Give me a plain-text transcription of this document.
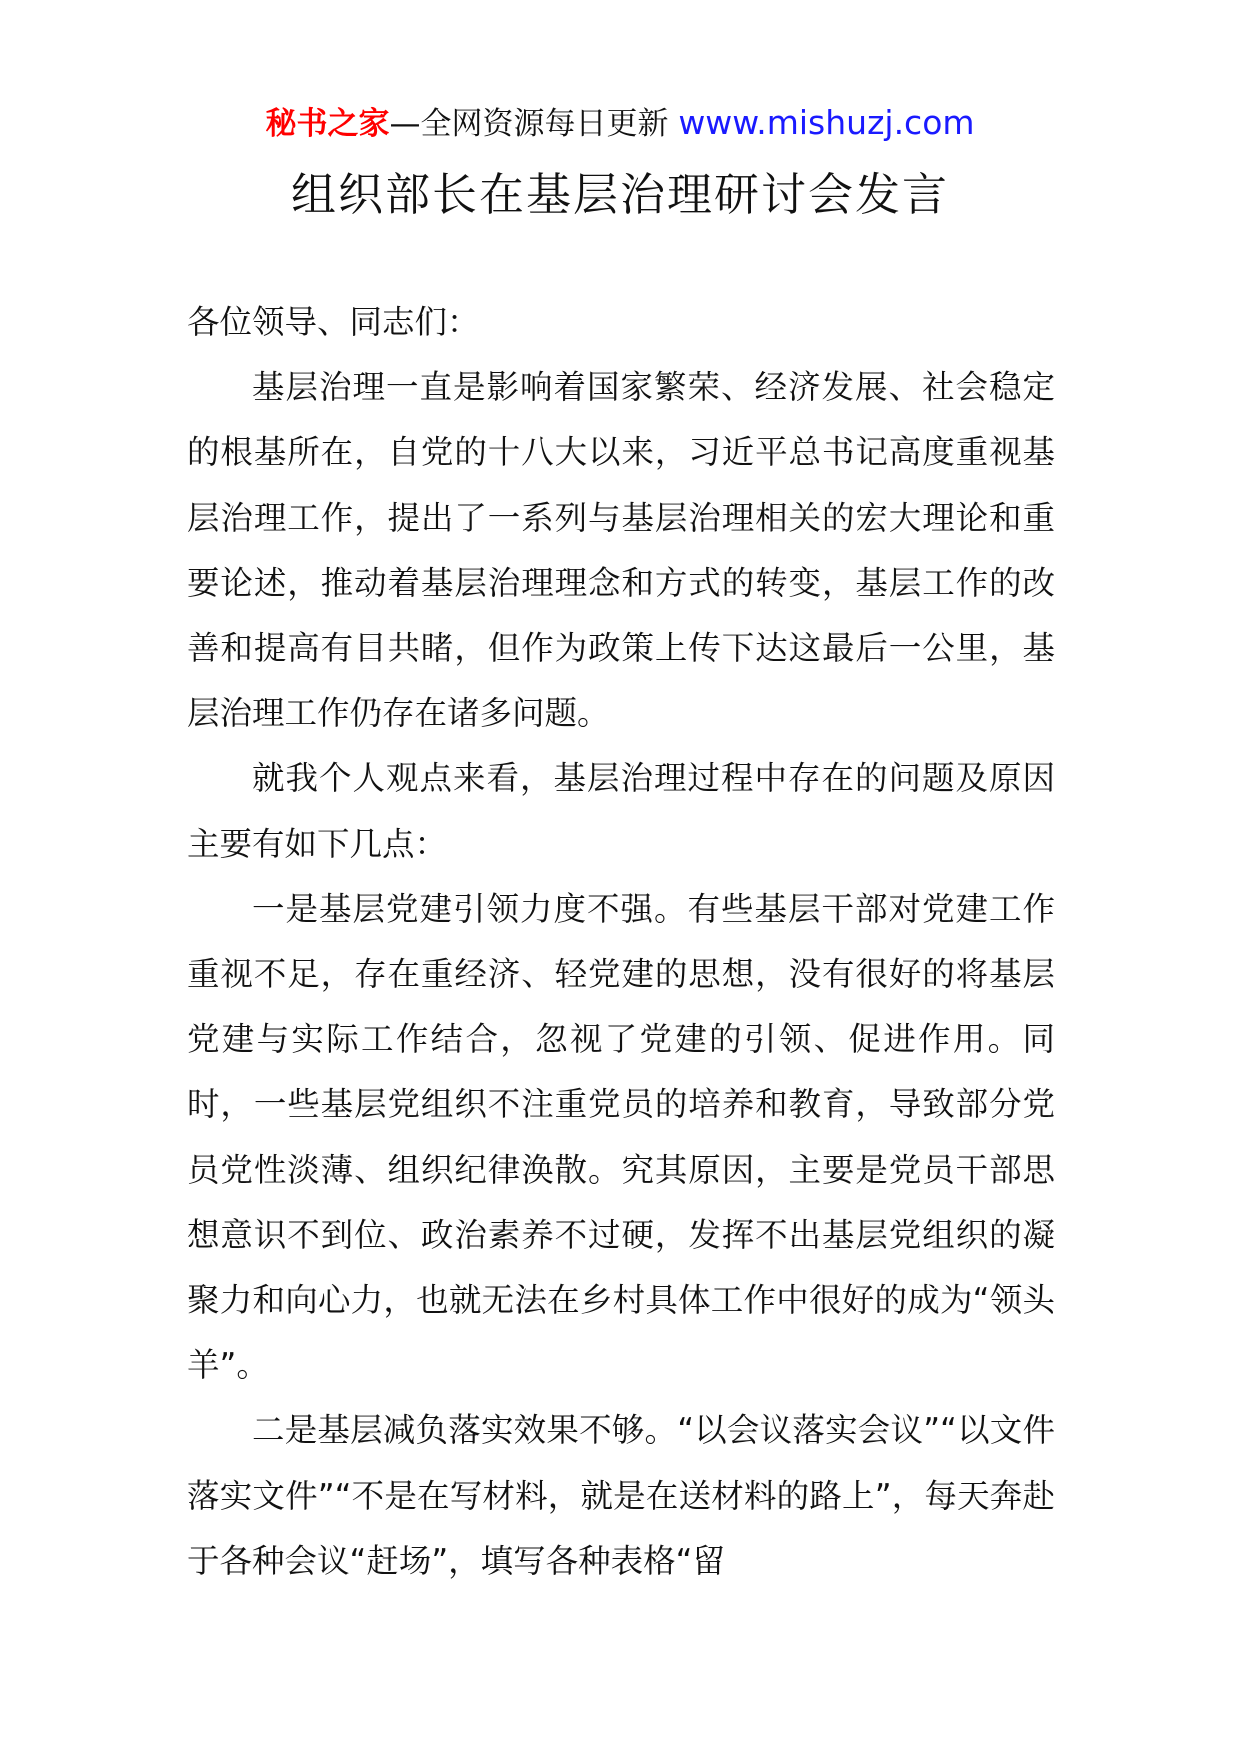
秘书之家—全网资源每日更新 www.mishuzj.com
组织部长在基层治理研讨会发言

各位领导、同志们：

基层治理一直是影响着国家繁荣、经济发展、社会稳定的根基所在，自党的十八大以来，习近平总书记高度重视基层治理工作，提出了一系列与基层治理相关的宏大理论和重要论述，推动着基层治理理念和方式的转变，基层工作的改善和提高有目共睹，但作为政策上传下达这最后一公里，基层治理工作仍存在诸多问题。

就我个人观点来看，基层治理过程中存在的问题及原因主要有如下几点：

一是基层党建引领力度不强。有些基层干部对党建工作重视不足，存在重经济、轻党建的思想，没有很好的将基层党建与实际工作结合，忽视了党建的引领、促进作用。同时，一些基层党组织不注重党员的培养和教育，导致部分党员党性淡薄、组织纪律涣散。究其原因，主要是党员干部思想意识不到位、政治素养不过硬，发挥不出基层党组织的凝聚力和向心力，也就无法在乡村具体工作中很好的成为“领头羊”。

二是基层减负落实效果不够。“以会议落实会议”“以文件落实文件”“不是在写材料，就是在送材料的路上”，每天奔赴于各种会议“赶场”，填写各种表格“留
